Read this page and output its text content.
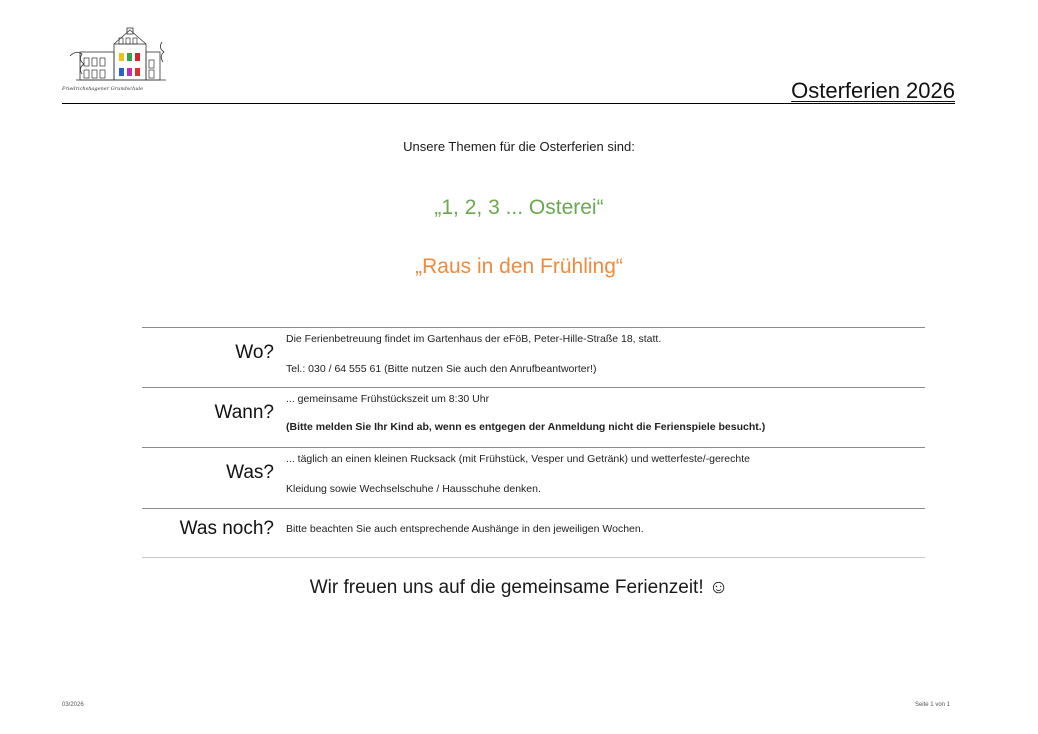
Friedrichshagener Grundschule	Osterferien 2026
Unsere Themen für die Osterferien sind:
„1, 2, 3 ... Osterei“
„Raus in den Frühling“
Wo?
Die Ferienbetreuung findet im Gartenhaus der eFöB, Peter-Hille-Straße 18, statt.
Tel.: 030 / 64 555 61 (Bitte nutzen Sie auch den Anrufbeantworter!)
Wann?
... gemeinsame Frühstückszeit um 8:30 Uhr
(Bitte melden Sie Ihr Kind ab, wenn es entgegen der Anmeldung nicht die Ferienspiele besucht.)
Was?
... täglich an einen kleinen Rucksack (mit Frühstück, Vesper und Getränk) und wetterfeste/-gerechte
Kleidung sowie Wechselschuhe / Hausschuhe denken.
Was noch? Bitte beachten Sie auch entsprechende Aushänge in den jeweiligen Wochen.
Wir freuen uns auf die gemeinsame Ferienzeit! ☺
03/2026	Seite 1 von 1
